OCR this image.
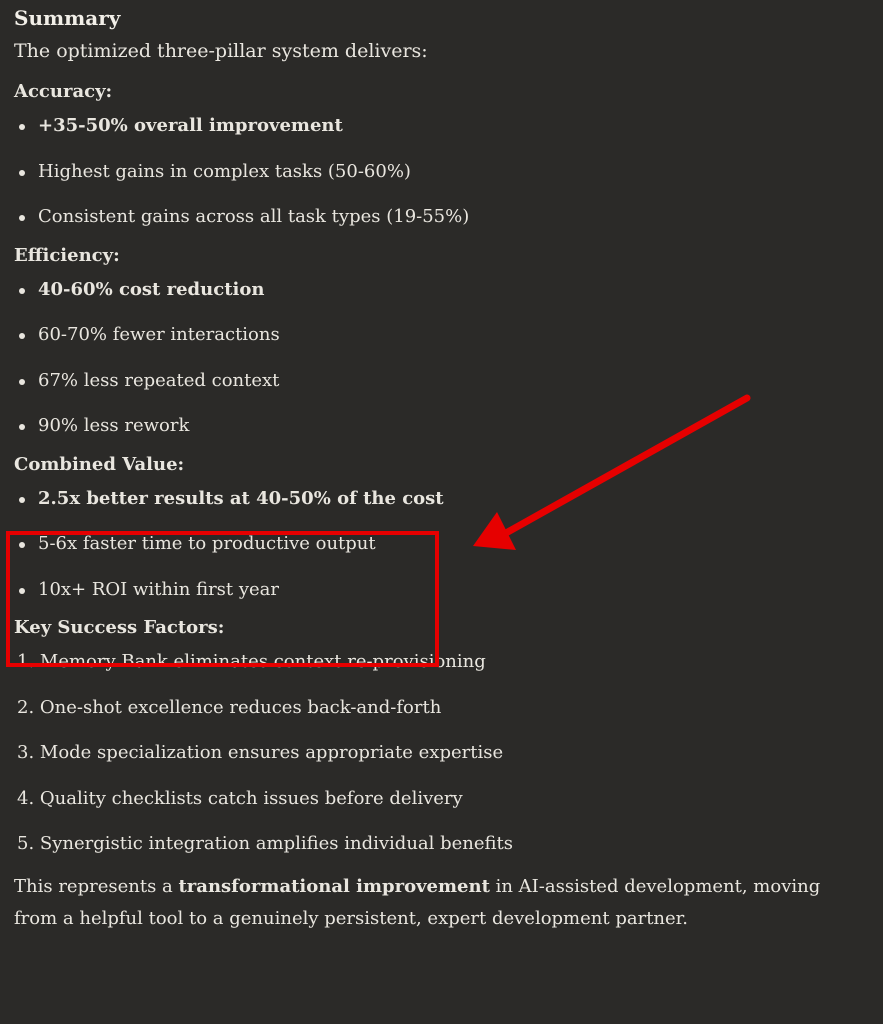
Summary
The optimized three-pillar system delivers:
Accuracy:
+35-50% overall improvement
Highest gains in complex tasks (50-60%)
Consistent gains across all task types (19-55%)
Efficiency:
40-60% cost reduction
60-70% fewer interactions
67% less repeated context
90% less rework
Combined Value:
2.5x better results at 40-50% of the cost
5-6x faster time to productive output
10x+ ROI within first year
Key Success Factors:
1. Memory Bank eliminates context re-provisioning
2. One-shot excellence reduces back-and-forth
3. Mode specialization ensures appropriate expertise
4. Quality checklists catch issues before delivery
5. Synergistic integration amplifies individual benefits
This represents a transformational improvement in AI-assisted development, moving from a helpful tool to a genuinely persistent, expert development partner.
